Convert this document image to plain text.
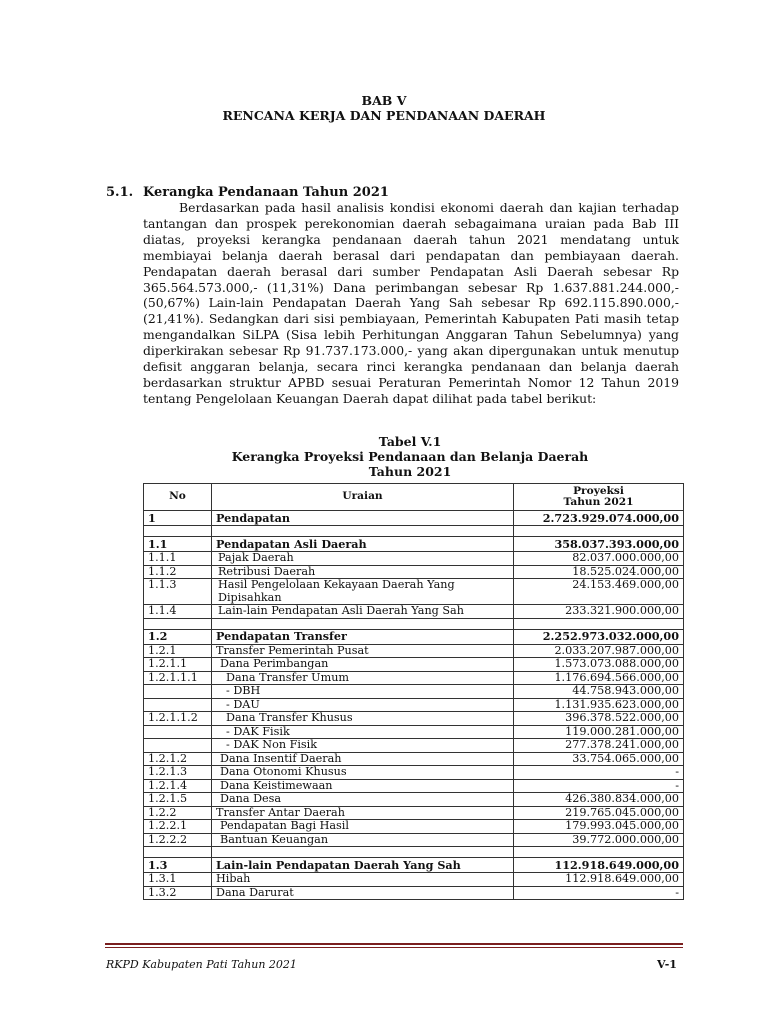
BAB V
RENCANA KERJA DAN PENDANAAN DAERAH
5.1. Kerangka Pendanaan Tahun 2021

Berdasarkan pada hasil analisis kondisi ekonomi daerah dan kajian terhadap tantangan dan prospek perekonomian daerah sebagaimana uraian pada Bab III diatas, proyeksi kerangka pendanaan daerah tahun 2021 mendatang untuk membiayai belanja daerah berasal dari pendapatan dan pembiayaan daerah. Pendapatan daerah berasal dari sumber Pendapatan Asli Daerah sebesar Rp 365.564.573.000,- (11,31%) Dana perimbangan sebesar Rp 1.637.881.244.000,- (50,67%) Lain-lain Pendapatan Daerah Yang Sah sebesar Rp 692.115.890.000,- (21,41%). Sedangkan dari sisi pembiayaan, Pemerintah Kabupaten Pati masih tetap mengandalkan SiLPA (Sisa lebih Perhitungan Anggaran Tahun Sebelumnya) yang diperkirakan sebesar Rp 91.737.173.000,- yang akan dipergunakan untuk menutup defisit anggaran belanja, secara rinci kerangka pendanaan dan belanja daerah berdasarkan struktur APBD sesuai Peraturan Pemerintah Nomor 12 Tahun 2019 tentang Pengelolaan Keuangan Daerah dapat dilihat pada tabel berikut:

Tabel V.1
Kerangka Proyeksi Pendanaan dan Belanja Daerah
Tahun 2021
No	Uraian	Proyeksi
Tahun 2021
1	Pendapatan	2.723.929.074.000,00

1.1	Pendapatan Asli Daerah	358.037.393.000,00
1.1.1	Pajak Daerah	82.037.000.000,00
1.1.2	Retribusi Daerah	18.525.024.000,00
1.1.3	Hasil Pengelolaan Kekayaan Daerah Yang Dipisahkan	24.153.469.000,00
1.1.4	Lain-lain Pendapatan Asli Daerah Yang Sah	233.321.900.000,00

1.2	Pendapatan Transfer	2.252.973.032.000,00
1.2.1	Transfer Pemerintah Pusat	2.033.207.987.000,00
1.2.1.1	Dana Perimbangan	1.573.073.088.000,00
1.2.1.1.1	Dana Transfer Umum	1.176.694.566.000,00
	- DBH	44.758.943.000,00
	- DAU	1.131.935.623.000,00
1.2.1.1.2	Dana Transfer Khusus	396.378.522.000,00
	- DAK Fisik	119.000.281.000,00
	- DAK Non Fisik	277.378.241.000,00
1.2.1.2	Dana Insentif Daerah	33.754.065.000,00
1.2.1.3	Dana Otonomi Khusus	-
1.2.1.4	Dana Keistimewaan	-
1.2.1.5	Dana Desa	426.380.834.000,00
1.2.2	Transfer Antar Daerah	219.765.045.000,00
1.2.2.1	Pendapatan Bagi Hasil	179.993.045.000,00
1.2.2.2	Bantuan Keuangan	39.772.000.000,00

1.3	Lain-lain Pendapatan Daerah Yang Sah	112.918.649.000,00
1.3.1	Hibah	112.918.649.000,00
1.3.2	Dana Darurat	-
RKPD Kabupaten Pati Tahun 2021	V-1
